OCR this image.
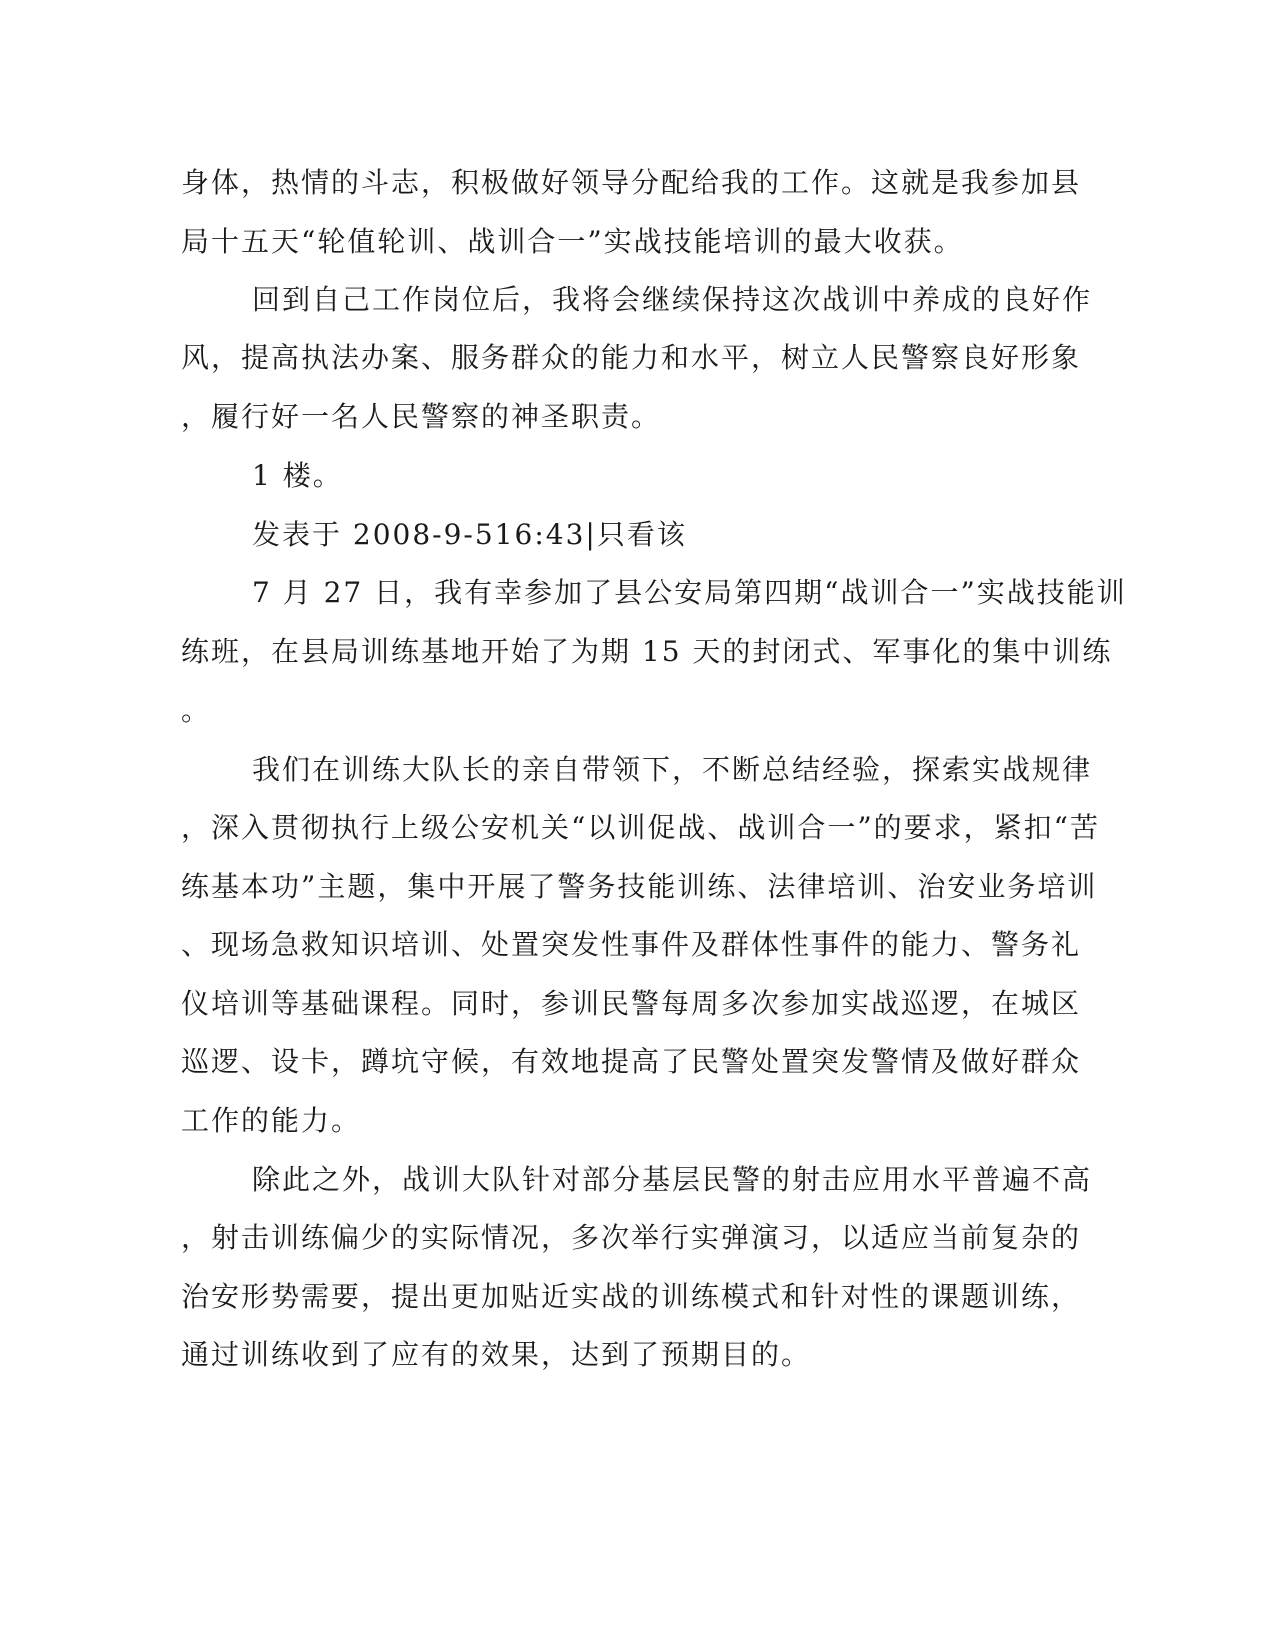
身体，热情的斗志，积极做好领导分配给我的工作。这就是我参加县

局十五天“轮值轮训、战训合一”实战技能培训的最大收获。

回到自己工作岗位后，我将会继续保持这次战训中养成的良好作

风，提高执法办案、服务群众的能力和水平，树立人民警察良好形象

，履行好一名人民警察的神圣职责。

1 楼。

发表于 2008-9-516:43|只看该

7 月 27 日，我有幸参加了县公安局第四期“战训合一”实战技能训

练班，在县局训练基地开始了为期 15 天的封闭式、军事化的集中训练

。

我们在训练大队长的亲自带领下，不断总结经验，探索实战规律

，深入贯彻执行上级公安机关“以训促战、战训合一”的要求，紧扣“苦

练基本功”主题，集中开展了警务技能训练、法律培训、治安业务培训

、现场急救知识培训、处置突发性事件及群体性事件的能力、警务礼

仪培训等基础课程。同时，参训民警每周多次参加实战巡逻，在城区

巡逻、设卡，蹲坑守候，有效地提高了民警处置突发警情及做好群众

工作的能力。

除此之外，战训大队针对部分基层民警的射击应用水平普遍不高

，射击训练偏少的实际情况，多次举行实弹演习，以适应当前复杂的

治安形势需要，提出更加贴近实战的训练模式和针对性的课题训练，

通过训练收到了应有的效果，达到了预期目的。
